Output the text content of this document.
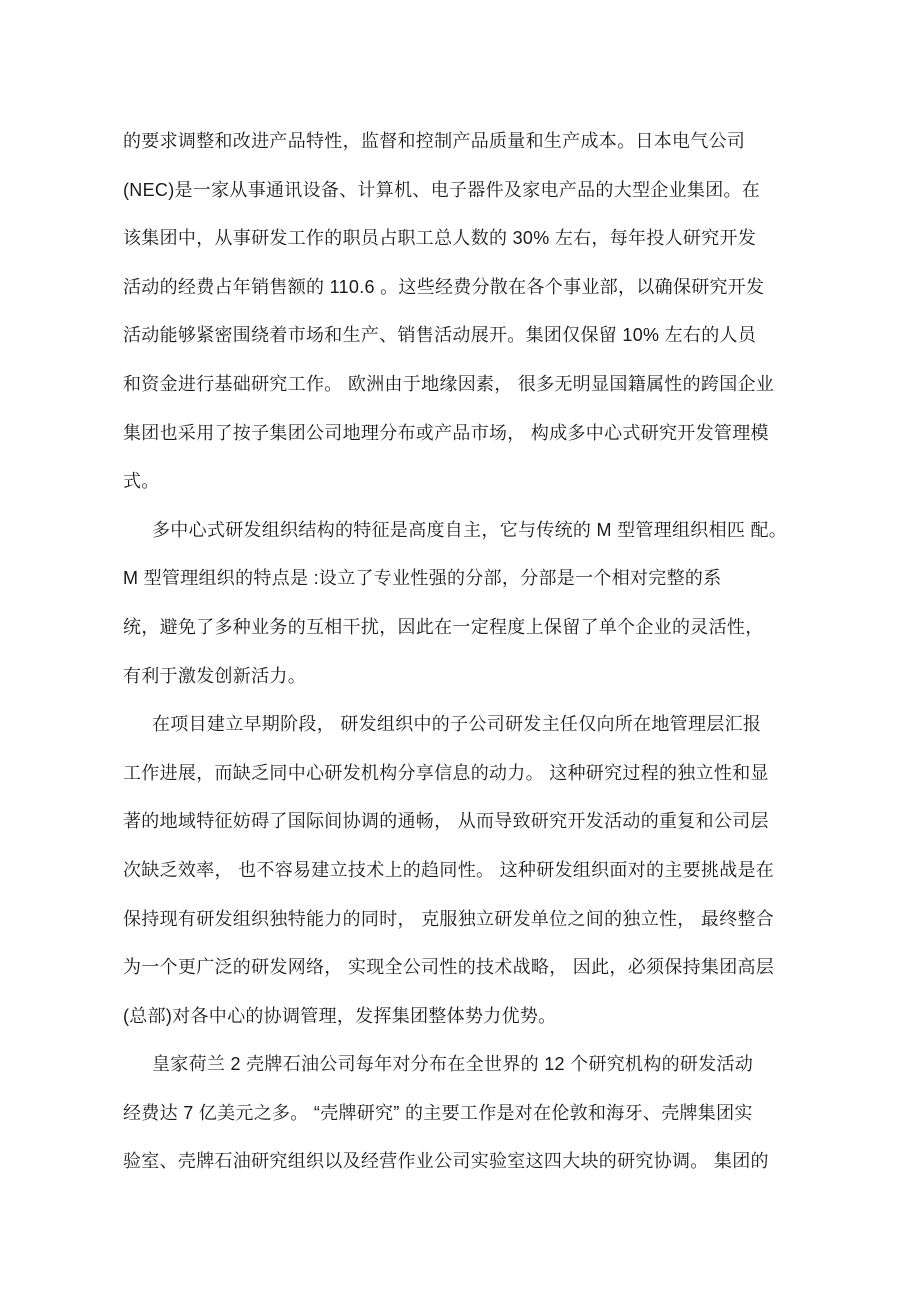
的要求调整和改进产品特性，监督和控制产品质量和生产成本。日本电气公司
(NEC)是一家从事通讯设备、计算机、电子器件及家电产品的大型企业集团。在
该集团中，从事研发工作的职员占职工总人数的 30% 左右，每年投人研究开发
活动的经费占年销售额的 110.6 。这些经费分散在各个事业部，以确保研究开发
活动能够紧密围绕着市场和生产、销售活动展开。集团仅保留 10% 左右的人员
和资金进行基础研究工作。 欧洲由于地缘因素， 很多无明显国籍属性的跨国企业
集团也采用了按子集团公司地理分布或产品市场， 构成多中心式研究开发管理模
式。
多中心式研发组织结构的特征是高度自主，它与传统的 M 型管理组织相匹 配。
M 型管理组织的特点是 :设立了专业性强的分部，分部是一个相对完整的系
统，避免了多种业务的互相干扰，因此在一定程度上保留了单个企业的灵活性，
有利于激发创新活力。
在项目建立早期阶段， 研发组织中的子公司研发主任仅向所在地管理层汇报
工作进展，而缺乏同中心研发机构分享信息的动力。 这种研究过程的独立性和显
著的地域特征妨碍了国际间协调的通畅， 从而导致研究开发活动的重复和公司层
次缺乏效率， 也不容易建立技术上的趋同性。 这种研发组织面对的主要挑战是在
保持现有研发组织独特能力的同时， 克服独立研发单位之间的独立性， 最终整合
为一个更广泛的研发网络， 实现全公司性的技术战略， 因此，必须保持集团高层
(总部)对各中心的协调管理，发挥集团整体势力优势。
皇家荷兰 2 壳牌石油公司每年对分布在全世界的 12 个研究机构的研发活动
经费达 7 亿美元之多。 “壳牌研究” 的主要工作是对在伦敦和海牙、壳牌集团实
验室、壳牌石油研究组织以及经营作业公司实验室这四大块的研究协调。 集团的
